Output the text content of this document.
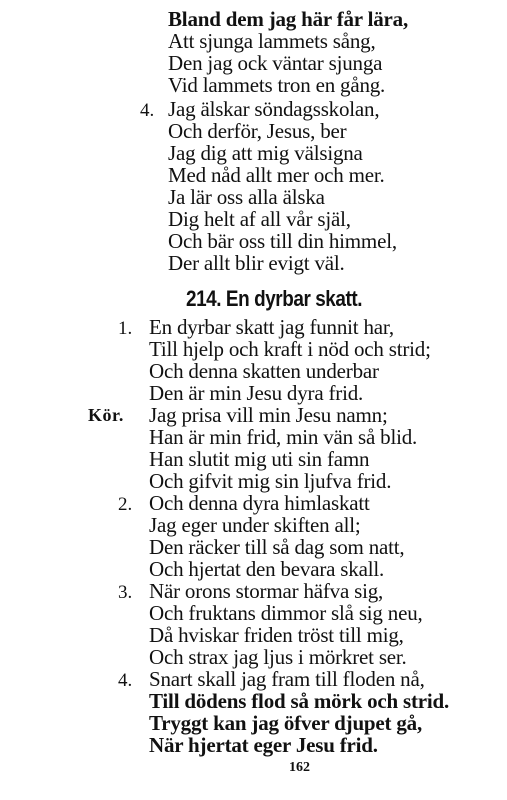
Bland dem jag här får lära,
Att sjunga lammets sång,
Den jag ock väntar sjunga
Vid lammets tron en gång.
4. Jag älskar söndagsskolan,
Och derför, Jesus, ber
Jag dig att mig välsigna
Med nåd allt mer och mer.
Ja lär oss alla älska
Dig helt af all vår själ,
Och bär oss till din himmel,
Der allt blir evigt väl.
214. En dyrbar skatt.
1. En dyrbar skatt jag funnit har,
Till hjelp och kraft i nöd och strid;
Och denna skatten underbar
Den är min Jesu dyra frid.
Kör. Jag prisa vill min Jesu namn;
Han är min frid, min vän så blid.
Han slutit mig uti sin famn
Och gifvit mig sin ljufva frid.
2. Och denna dyra himlaskatt
Jag eger under skiften all;
Den räcker till så dag som natt,
Och hjertat den bevara skall.
3. När orons stormar häfva sig,
Och fruktans dimmor slå sig neu,
Då hviskar friden tröst till mig,
Och strax jag ljus i mörkret ser.
4. Snart skall jag fram till floden nå,
Till dödens flod så mörk och strid.
Tryggt kan jag öfver djupet gå,
När hjertat eger Jesu frid.
162
